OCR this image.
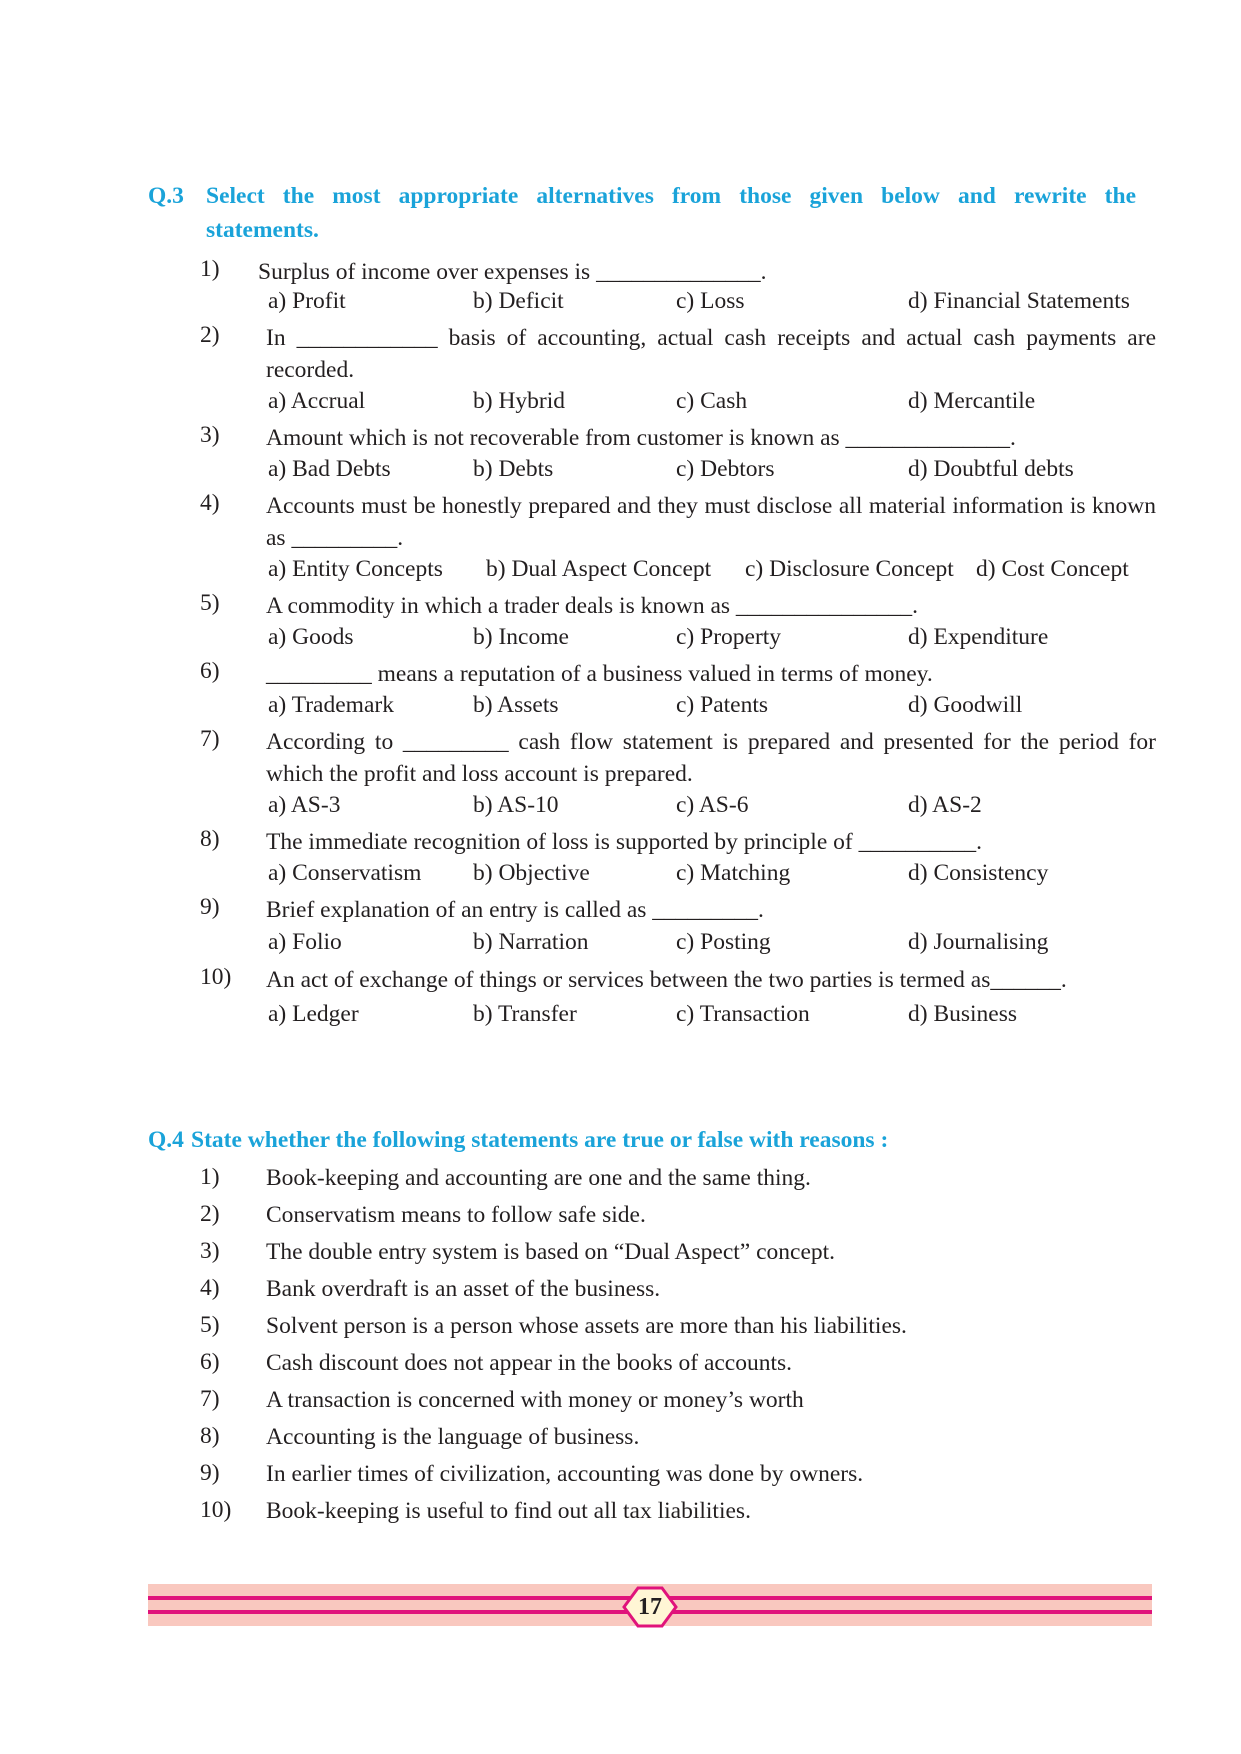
Q.3 Select the most appropriate alternatives from those given below and rewrite the
statements.
1) Surplus of income over expenses is ______________.
a) Profit	b) Deficit	c) Loss	d) Financial Statements
2) In ____________ basis of accounting, actual cash receipts and actual cash payments are recorded.
a) Accrual	b) Hybrid	c) Cash	d) Mercantile
3) Amount which is not recoverable from customer is known as ______________.
a) Bad Debts	b) Debts	c) Debtors	d) Doubtful debts
4) Accounts must be honestly prepared and they must disclose all material information is known as _________.
a) Entity Concepts b) Dual Aspect Concept c) Disclosure Concept d) Cost Concept
5) A commodity in which a trader deals is known as _______________.
a) Goods	b) Income	c) Property	d) Expenditure
6) _________ means a reputation of a business valued in terms of money.
a) Trademark	b) Assets	c) Patents	d) Goodwill
7) According to _________ cash flow statement is prepared and presented for the period for which the profit and loss account is prepared.
a) AS-3	b) AS-10	c) AS-6	d) AS-2
8) The immediate recognition of loss is supported by principle of __________.
a) Conservatism b) Objective	c) Matching	d) Consistency
9) Brief explanation of an entry is called as _________.
a) Folio	b) Narration	c) Posting	d) Journalising
10) An act of exchange of things or services between the two parties is termed as______.
a) Ledger	b) Transfer	c) Transaction	d) Business
Q.4 State whether the following statements are true or false with reasons :
1) Book-keeping and accounting are one and the same thing.
2) Conservatism means to follow safe side.
3) The double entry system is based on “Dual Aspect” concept.
4) Bank overdraft is an asset of the business.
5) Solvent person is a person whose assets are more than his liabilities.
6) Cash discount does not appear in the books of accounts.
7) A transaction is concerned with money or money’s worth
8) Accounting is the language of business.
9) In earlier times of civilization, accounting was done by owners.
10) Book-keeping is useful to find out all tax liabilities.
17
